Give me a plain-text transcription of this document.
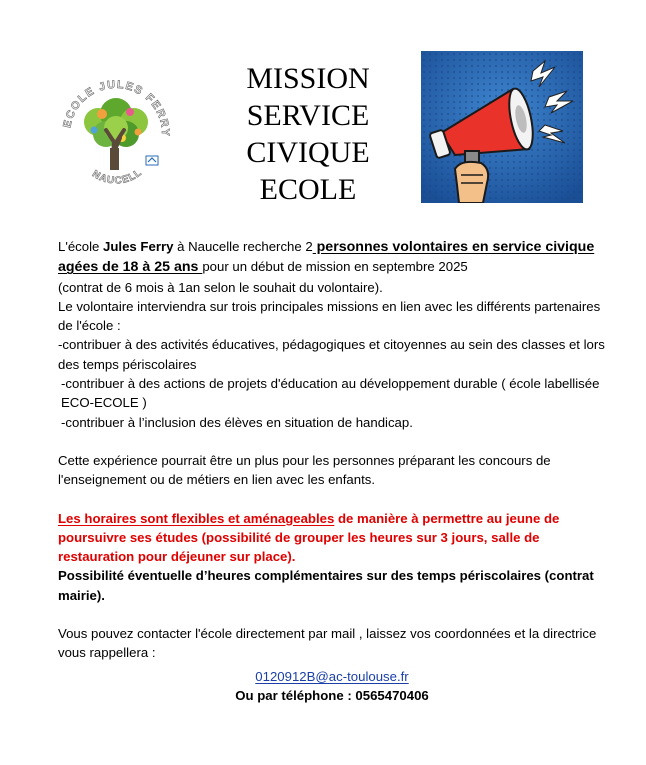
ECOLE JULES FERRY
NAUCELL
MISSION
SERVICE
CIVIQUE
ECOLE

L'école Jules Ferry à Naucelle recherche 2 personnes volontaires en service civique agées de 18 à 25 ans pour un début de mission en septembre 2025

(contrat de 6 mois à 1an selon le souhait du volontaire).

Le volontaire interviendra sur trois principales missions en lien avec les différents partenaires de l'école :

-contribuer à des activités éducatives, pédagogiques et citoyennes au sein des classes et lors des temps périscolaires

-contribuer à des actions de projets d'éducation au développement durable ( école labellisée ECO-ECOLE )

-contribuer à l’inclusion des élèves en situation de handicap.

Cette expérience pourrait être un plus pour les personnes préparant les concours de l'enseignement ou de métiers en lien avec les enfants.

Les horaires sont flexibles et aménageables de manière à permettre au jeune de poursuivre ses études (possibilité de grouper les heures sur 3 jours, salle de restauration pour déjeuner sur place).

Possibilité éventuelle d’heures complémentaires sur des temps périscolaires (contrat mairie).

Vous pouvez contacter l'école directement par mail , laissez vos coordonnées et la directrice vous rappellera :

0120912B@ac-toulouse.fr

Ou par téléphone : 0565470406
